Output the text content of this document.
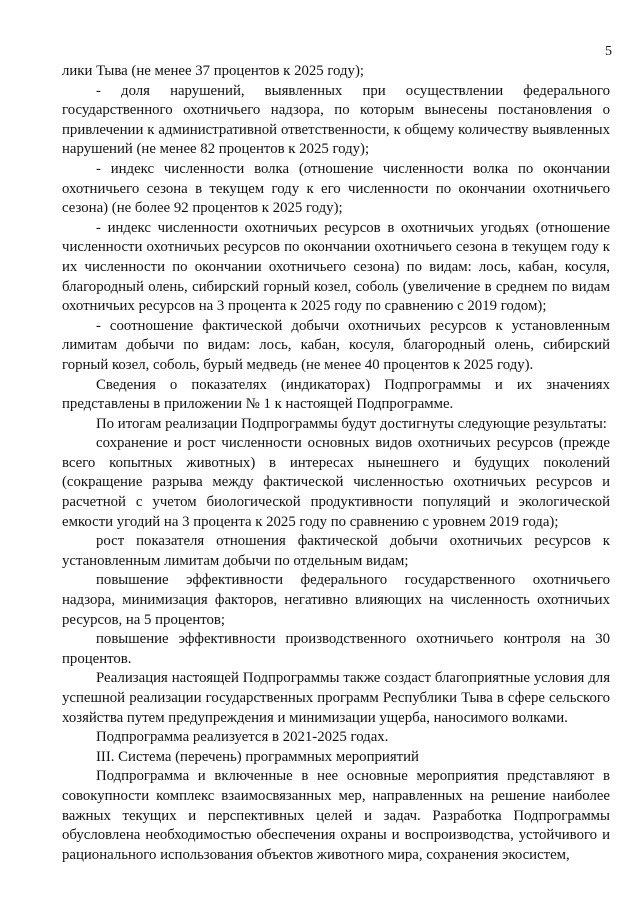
5

лики Тыва (не менее 37 процентов к 2025 году);

- доля нарушений, выявленных при осуществлении федерального государственного охотничьего надзора, по которым вынесены постановления о привлечении к административной ответственности, к общему количеству выявленных нарушений (не менее 82 процентов к 2025 году);

- индекс численности волка (отношение численности волка по окончании охотничьего сезона в текущем году к его численности по окончании охотничьего сезона) (не более 92 процентов к 2025 году);

- индекс численности охотничьих ресурсов в охотничьих угодьях (отношение численности охотничьих ресурсов по окончании охотничьего сезона в текущем году к их численности по окончании охотничьего сезона) по видам: лось, кабан, косуля, благородный олень, сибирский горный козел, соболь (увеличение в среднем по видам охотничьих ресурсов на 3 процента к 2025 году по сравнению с 2019 годом);

- соотношение фактической добычи охотничьих ресурсов к установленным лимитам добычи по видам: лось, кабан, косуля, благородный олень, сибирский горный козел, соболь, бурый медведь (не менее 40 процентов к 2025 году).

Сведения о показателях (индикаторах) Подпрограммы и их значениях представлены в приложении № 1 к настоящей Подпрограмме.

По итогам реализации Подпрограммы будут достигнуты следующие результаты:

сохранение и рост численности основных видов охотничьих ресурсов (прежде всего копытных животных) в интересах нынешнего и будущих поколений (сокращение разрыва между фактической численностью охотничьих ресурсов и расчетной с учетом биологической продуктивности популяций и экологической емкости угодий на 3 процента к 2025 году по сравнению с уровнем 2019 года);

рост показателя отношения фактической добычи охотничьих ресурсов к установленным лимитам добычи по отдельным видам;

повышение эффективности федерального государственного охотничьего надзора, минимизация факторов, негативно влияющих на численность охотничьих ресурсов, на 5 процентов;

повышение эффективности производственного охотничьего контроля на 30 процентов.

Реализация настоящей Подпрограммы также создаст благоприятные условия для успешной реализации государственных программ Республики Тыва в сфере сельского хозяйства путем предупреждения и минимизации ущерба, наносимого волками.

Подпрограмма реализуется в 2021-2025 годах.

III. Система (перечень) программных мероприятий

Подпрограмма и включенные в нее основные мероприятия представляют в совокупности комплекс взаимосвязанных мер, направленных на решение наиболее важных текущих и перспективных целей и задач. Разработка Подпрограммы обусловлена необходимостью обеспечения охраны и воспроизводства, устойчивого и рационального использования объектов животного мира, сохранения экосистем,
